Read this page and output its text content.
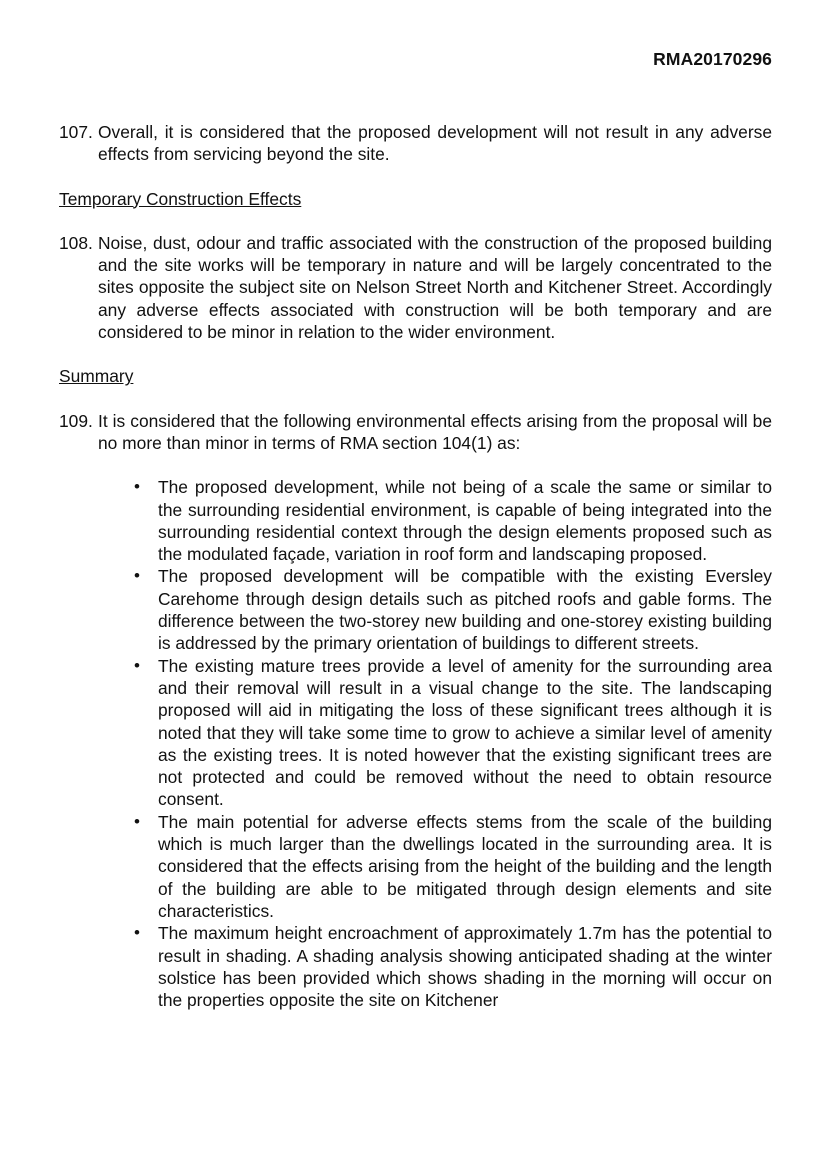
RMA20170296
107. Overall, it is considered that the proposed development will not result in any adverse effects from servicing beyond the site.
Temporary Construction Effects
108. Noise, dust, odour and traffic associated with the construction of the proposed building and the site works will be temporary in nature and will be largely concentrated to the sites opposite the subject site on Nelson Street North and Kitchener Street. Accordingly any adverse effects associated with construction will be both temporary and are considered to be minor in relation to the wider environment.
Summary
109. It is considered that the following environmental effects arising from the proposal will be no more than minor in terms of RMA section 104(1) as:
• The proposed development, while not being of a scale the same or similar to the surrounding residential environment, is capable of being integrated into the surrounding residential context through the design elements proposed such as the modulated façade, variation in roof form and landscaping proposed.
• The proposed development will be compatible with the existing Eversley Carehome through design details such as pitched roofs and gable forms. The difference between the two-storey new building and one-storey existing building is addressed by the primary orientation of buildings to different streets.
• The existing mature trees provide a level of amenity for the surrounding area and their removal will result in a visual change to the site. The landscaping proposed will aid in mitigating the loss of these significant trees although it is noted that they will take some time to grow to achieve a similar level of amenity as the existing trees. It is noted however that the existing significant trees are not protected and could be removed without the need to obtain resource consent.
• The main potential for adverse effects stems from the scale of the building which is much larger than the dwellings located in the surrounding area. It is considered that the effects arising from the height of the building and the length of the building are able to be mitigated through design elements and site characteristics.
• The maximum height encroachment of approximately 1.7m has the potential to result in shading. A shading analysis showing anticipated shading at the winter solstice has been provided which shows shading in the morning will occur on the properties opposite the site on Kitchener
